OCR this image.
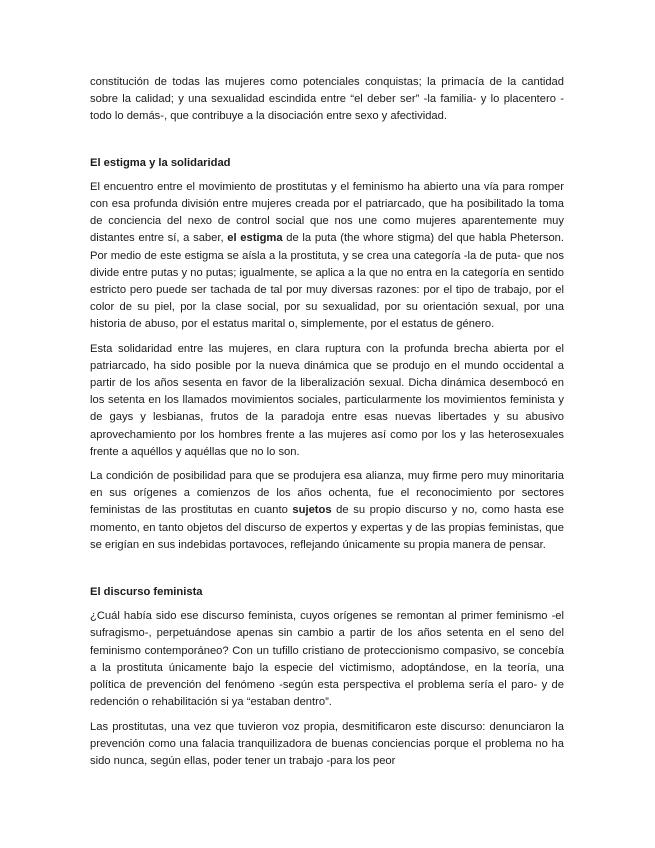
constitución de todas las mujeres como potenciales conquistas; la primacía de la cantidad sobre la calidad; y una sexualidad escindida entre “el deber ser” -la familia- y lo placentero -todo lo demás-, que contribuye a la disociación entre sexo y afectividad.

El estigma y la solidaridad

El encuentro entre el movimiento de prostitutas y el feminismo ha abierto una vía para romper con esa profunda división entre mujeres creada por el patriarcado, que ha posibilitado la toma de conciencia del nexo de control social que nos une como mujeres aparentemente muy distantes entre sí, a saber, el estigma de la puta (the whore stigma) del que habla Pheterson. Por medio de este estigma se aísla a la prostituta, y se crea una categoría -la de puta- que nos divide entre putas y no putas; igualmente, se aplica a la que no entra en la categoría en sentido estricto pero puede ser tachada de tal por muy diversas razones: por el tipo de trabajo, por el color de su piel, por la clase social, por su sexualidad, por su orientación sexual, por una historia de abuso, por el estatus marital o, simplemente, por el estatus de género.

Esta solidaridad entre las mujeres, en clara ruptura con la profunda brecha abierta por el patriarcado, ha sido posible por la nueva dinámica que se produjo en el mundo occidental a partir de los años sesenta en favor de la liberalización sexual. Dicha dinámica desembocó en los setenta en los llamados movimientos sociales, particularmente los movimientos feminista y de gays y lesbianas, frutos de la paradoja entre esas nuevas libertades y su abusivo aprovechamiento por los hombres frente a las mujeres así como por los y las heterosexuales frente a aquéllos y aquéllas que no lo son.

La condición de posibilidad para que se produjera esa alianza, muy firme pero muy minoritaria en sus orígenes a comienzos de los años ochenta, fue el reconocimiento por sectores feministas de las prostitutas en cuanto sujetos de su propio discurso y no, como hasta ese momento, en tanto objetos del discurso de expertos y expertas y de las propias feministas, que se erigían en sus indebidas portavoces, reflejando únicamente su propia manera de pensar.

El discurso feminista

¿Cuál había sido ese discurso feminista, cuyos orígenes se remontan al primer feminismo -el sufragismo-, perpetuándose apenas sin cambio a partir de los años setenta en el seno del feminismo contemporáneo? Con un tufillo cristiano de proteccionismo compasivo, se concebía a la prostituta únicamente bajo la especie del victimismo, adoptándose, en la teoría, una política de prevención del fenómeno -según esta perspectiva el problema sería el paro- y de redención o rehabilitación si ya “estaban dentro”.

Las prostitutas, una vez que tuvieron voz propia, desmitificaron este discurso: denunciaron la prevención como una falacia tranquilizadora de buenas conciencias porque el problema no ha sido nunca, según ellas, poder tener un trabajo -para los peor
